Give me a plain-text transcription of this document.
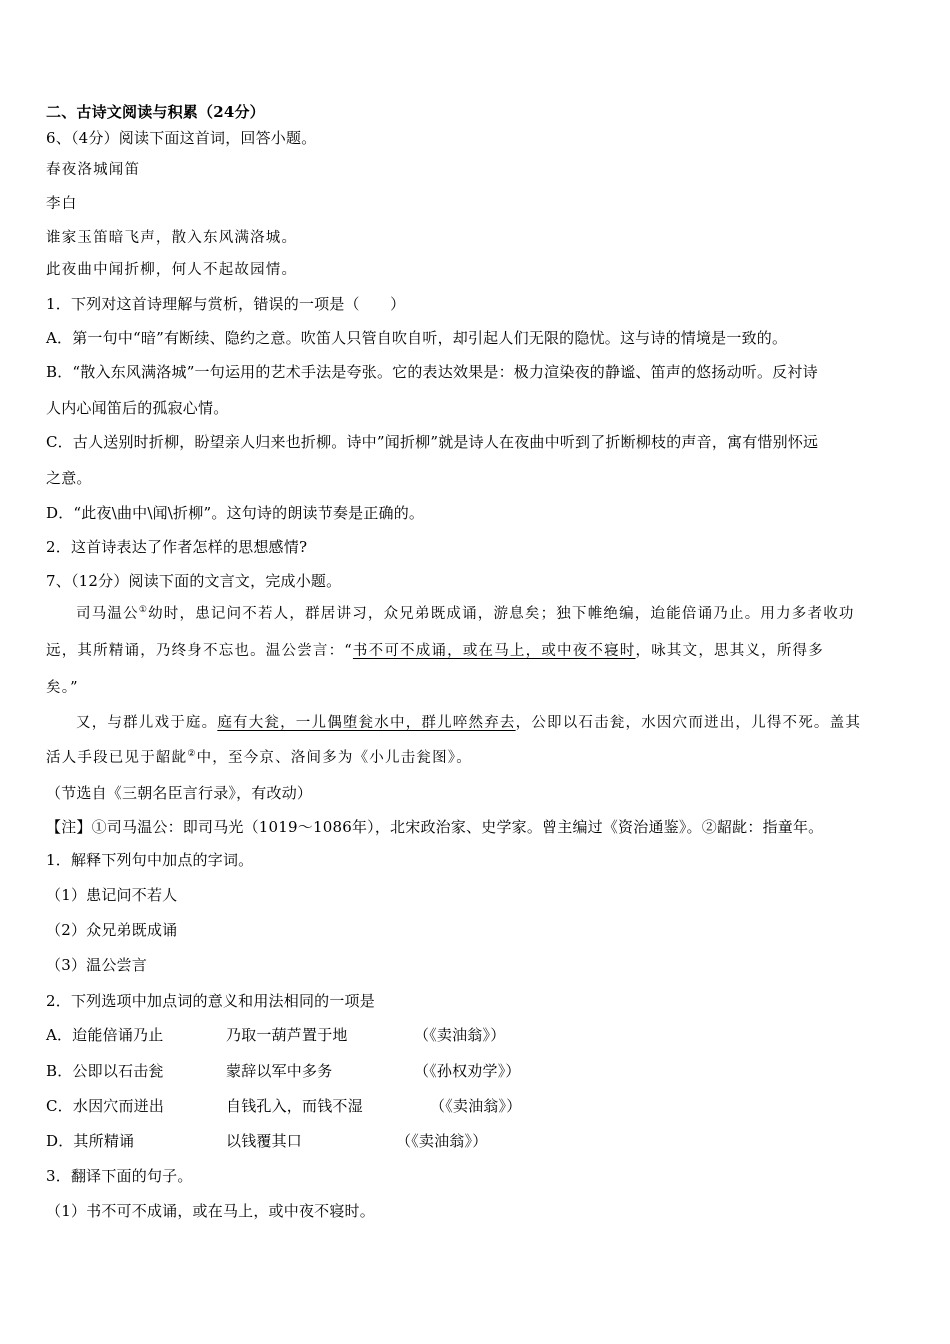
二、古诗文阅读与积累（24分）
6、（4分）阅读下面这首词，回答小题。
春夜洛城闻笛
李白
谁家玉笛暗飞声，散入东风满洛城。
此夜曲中闻折柳，何人不起故园情。
1．下列对这首诗理解与赏析，错误的一项是（　　）
A．第一句中“暗”有断续、隐约之意。吹笛人只管自吹自听，却引起人们无限的隐忧。这与诗的情境是一致的。
B．“散入东风满洛城”一句运用的艺术手法是夸张。它的表达效果是：极力渲染夜的静谧、笛声的悠扬动听。反衬诗
人内心闻笛后的孤寂心情。
C．古人送别时折柳，盼望亲人归来也折柳。诗中”闻折柳”就是诗人在夜曲中听到了折断柳枝的声音，寓有惜别怀远
之意。
D．“此夜\曲中\闻\折柳”。这句诗的朗读节奏是正确的。
2．这首诗表达了作者怎样的思想感情?
7、（12分）阅读下面的文言文，完成小题。
司马温公①幼时，患记问不若人，群居讲习，众兄弟既成诵，游息矣；独下帷绝编，迨能倍诵乃止。用力多者收功
远，其所精诵，乃终身不忘也。温公尝言：“书不可不成诵，或在马上，或中夜不寝时，咏其文，思其义，所得多
矣。”
又，与群儿戏于庭。庭有大瓮，一儿偶堕瓮水中，群儿啐然弃去，公即以石击瓮，水因穴而迸出，儿得不死。盖其
活人手段已见于龆龀②中，至今京、洛间多为《小儿击瓮图》。
（节选自《三朝名臣言行录》，有改动）
【注】①司马温公：即司马光（1019～1086年），北宋政治家、史学家。曾主编过《资治通鉴》。②龆龀：指童年。
1．解释下列句中加点的字词。
（1）患记问不若人
（2）众兄弟既成诵
（3）温公尝言
2．下列选项中加点词的意义和用法相同的一项是
A．迨能倍诵乃止	乃取一葫芦置于地	（《卖油翁》）
B．公即以石击瓮	蒙辞以军中多务	（《孙权劝学》）
C．水因穴而迸出	自钱孔入，而钱不湿	（《卖油翁》）
D．其所精诵	以钱覆其口	（《卖油翁》）
3．翻译下面的句子。
（1）书不可不成诵，或在马上，或中夜不寝时。
